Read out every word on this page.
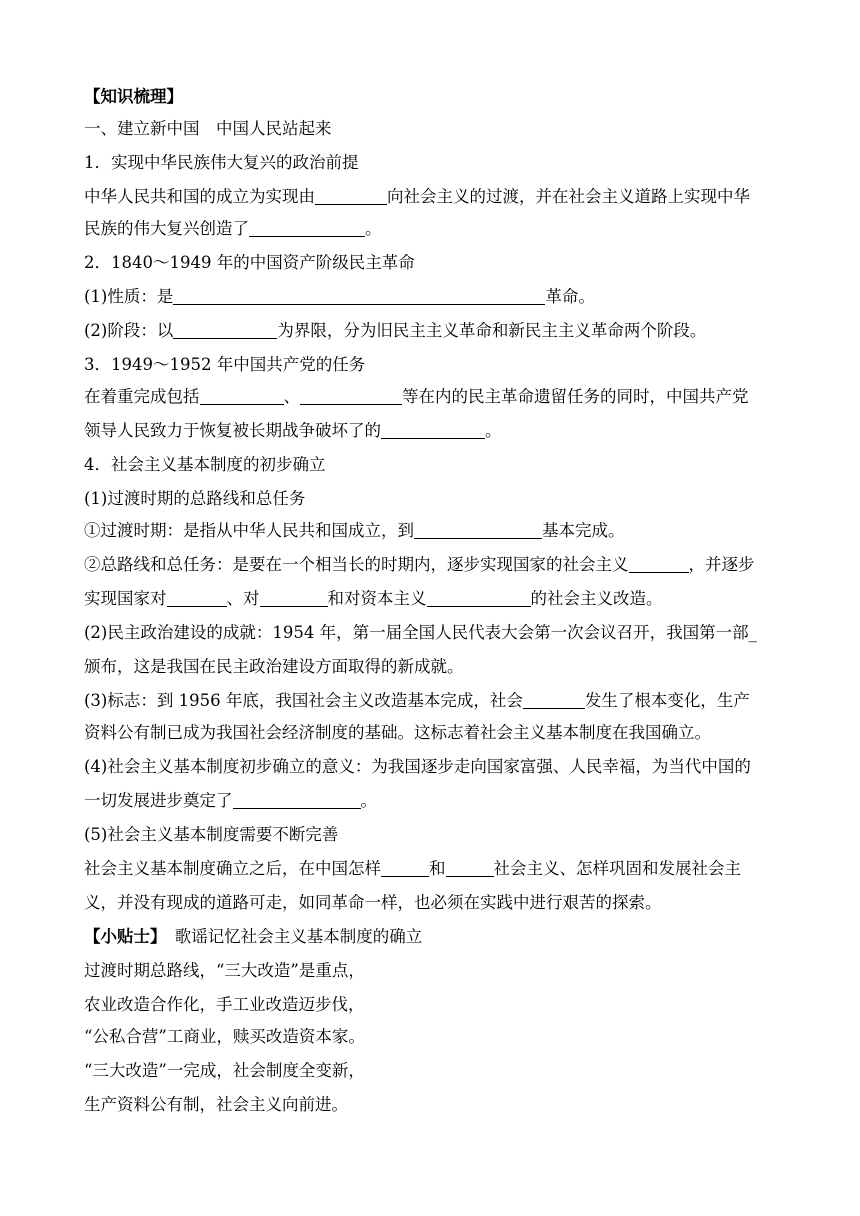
【知识梳理】
一、建立新中国　中国人民站起来
1．实现中华民族伟大复兴的政治前提
中华人民共和国的成立为实现由	向社会主义的过渡，并在社会主义道路上实现中华
民族的伟大复兴创造了	。
2．1840～1949 年的中国资产阶级民主革命
(1)性质：是	革命。
(2)阶段：以	为界限，分为旧民主主义革命和新民主主义革命两个阶段。
3．1949～1952 年中国共产党的任务
在着重完成包括	、	等在内的民主革命遗留任务的同时，中国共产党
领导人民致力于恢复被长期战争破坏了的	。
4．社会主义基本制度的初步确立
(1)过渡时期的总路线和总任务
①过渡时期：是指从中华人民共和国成立，到	基本完成。
②总路线和总任务：是要在一个相当长的时期内，逐步实现国家的社会主义	，并逐步
实现国家对	、对	和对资本主义	的社会主义改造。
(2)民主政治建设的成就：1954 年，第一届全国人民代表大会第一次会议召开，我国第一部_
颁布，这是我国在民主政治建设方面取得的新成就。
(3)标志：到 1956 年底，我国社会主义改造基本完成，社会	发生了根本变化，生产
资料公有制已成为我国社会经济制度的基础。这标志着社会主义基本制度在我国确立。
(4)社会主义基本制度初步确立的意义：为我国逐步走向国家富强、人民幸福，为当代中国的
一切发展进步奠定了	。
(5)社会主义基本制度需要不断完善
社会主义基本制度确立之后，在中国怎样	和	社会主义、怎样巩固和发展社会主
义，并没有现成的道路可走，如同革命一样，也必须在实践中进行艰苦的探索。
【小贴士】　歌谣记忆社会主义基本制度的确立
过渡时期总路线，“三大改造”是重点，
农业改造合作化，手工业改造迈步伐，
“公私合营”工商业，赎买改造资本家。
“三大改造”一完成，社会制度全变新，
生产资料公有制，社会主义向前进。
